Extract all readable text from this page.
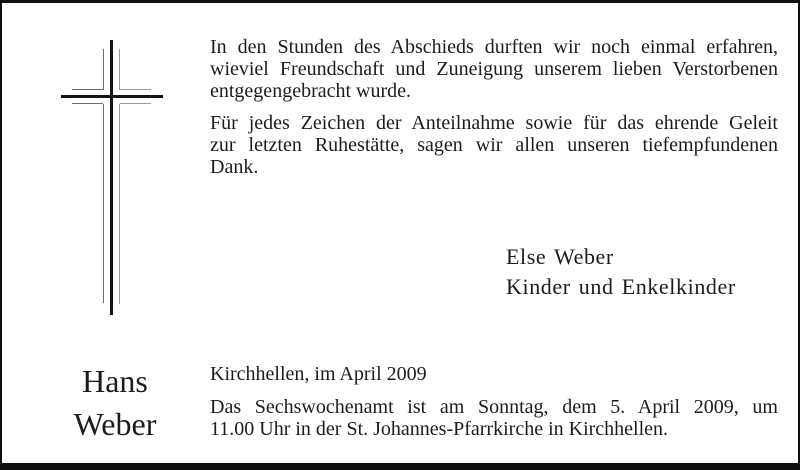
In den Stunden des Abschieds durften wir noch einmal erfahren,
wieviel Freundschaft und Zuneigung unserem lieben Verstorbenen
entgegengebracht wurde.
Für jedes Zeichen der Anteilnahme sowie für das ehrende Geleit
zur letzten Ruhestätte, sagen wir allen unseren tiefempfundenen
Dank.
Else Weber
Kinder und Enkelkinder
Hans
Weber
Kirchhellen, im April 2009
Das Sechswochenamt ist am Sonntag, dem 5. April 2009, um
11.00 Uhr in der St. Johannes-Pfarrkirche in Kirchhellen.
